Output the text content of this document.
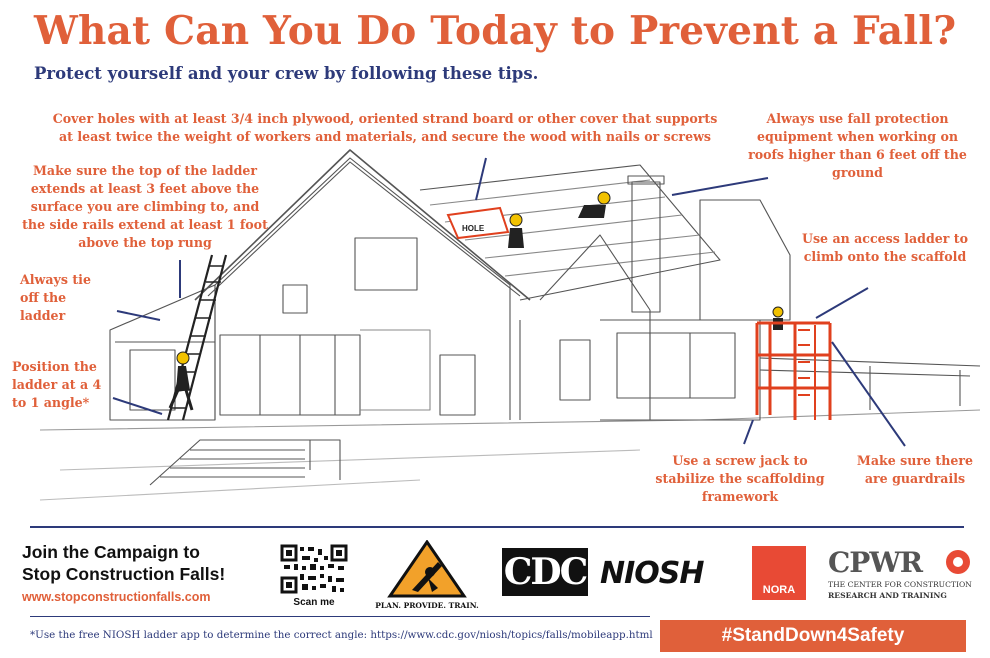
What Can You Do Today to Prevent a Fall?
Protect yourself and your crew by following these tips.
HOLE
Cover holes with at least 3/4 inch plywood, oriented strand board or other cover that supports
at least twice the weight of workers and materials, and secure the wood with nails or screws
Always use fall protection
equipment when working on
roofs higher than 6 feet off the
ground
Make sure the top of the ladder
extends at least 3 feet above the
surface you are climbing to, and
the side rails extend at least 1 foot
above the top rung
Always tie
off the
ladder
Position the
ladder at a 4
to 1 angle*
Use an access ladder to
climb onto the scaffold
Use a screw jack to
stabilize the scaffolding
framework
Make sure there
are guardrails
Join the Campaign to
Stop Construction Falls!
www.stopconstructionfalls.com	Scan me	PLAN. PROVIDE. TRAIN.
CDC NIOSH	NORA
CPWR
THE CENTER FOR CONSTRUCTION
RESEARCH AND TRAINING
*Use the free NIOSH ladder app to determine the correct angle: https://www.cdc.gov/niosh/topics/falls/mobileapp.html	#StandDown4Safety
